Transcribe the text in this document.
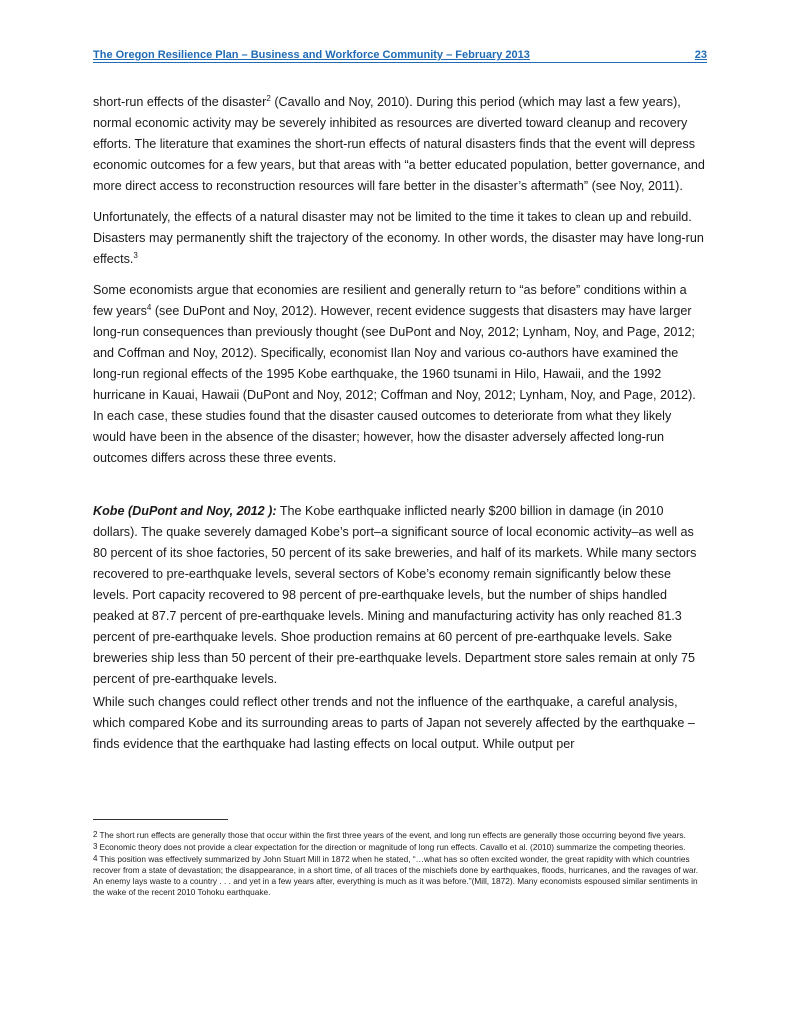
The Oregon Resilience Plan – Business and Workforce Community – February 2013	23

short-run effects of the disaster$^2$ (Cavallo and Noy, 2010). During this period (which may last a few years), normal economic activity may be severely inhibited as resources are diverted toward cleanup and recovery efforts. The literature that examines the short-run effects of natural disasters finds that the event will depress economic outcomes for a few years, but that areas with “a better educated population, better governance, and more direct access to reconstruction resources will fare better in the disaster’s aftermath” (see Noy, 2011).

Unfortunately, the effects of a natural disaster may not be limited to the time it takes to clean up and rebuild. Disasters may permanently shift the trajectory of the economy. In other words, the disaster may have long-run effects.$^3$

Some economists argue that economies are resilient and generally return to “as before” conditions within a few years$^4$ (see DuPont and Noy, 2012). However, recent evidence suggests that disasters may have larger long-run consequences than previously thought (see DuPont and Noy, 2012; Lynham, Noy, and Page, 2012; and Coffman and Noy, 2012). Specifically, economist Ilan Noy and various co-authors have examined the long-run regional effects of the 1995 Kobe earthquake, the 1960 tsunami in Hilo, Hawaii, and the 1992 hurricane in Kauai, Hawaii (DuPont and Noy, 2012; Coffman and Noy, 2012; Lynham, Noy, and Page, 2012). In each case, these studies found that the disaster caused outcomes to deteriorate from what they likely would have been in the absence of the disaster; however, how the disaster adversely affected long-run outcomes differs across these three events.

Kobe (DuPont and Noy, 2012 ): The Kobe earthquake inflicted nearly $200 billion in damage (in 2010 dollars). The quake severely damaged Kobe’s port–a significant source of local economic activity–as well as 80 percent of its shoe factories, 50 percent of its sake breweries, and half of its markets. While many sectors recovered to pre-earthquake levels, several sectors of Kobe’s economy remain significantly below these levels. Port capacity recovered to 98 percent of pre-earthquake levels, but the number of ships handled peaked at 87.7 percent of pre-earthquake levels. Mining and manufacturing activity has only reached 81.3 percent of pre-earthquake levels. Shoe production remains at 60 percent of pre-earthquake levels. Sake breweries ship less than 50 percent of their pre-earthquake levels. Department store sales remain at only 75 percent of pre-earthquake levels.

While such changes could reflect other trends and not the influence of the earthquake, a careful analysis, which compared Kobe and its surrounding areas to parts of Japan not severely affected by the earthquake – finds evidence that the earthquake had lasting effects on local output. While output per

$^2$ The short run effects are generally those that occur within the first three years of the event, and long run effects are generally those occurring beyond five years.

$^3$ Economic theory does not provide a clear expectation for the direction or magnitude of long run effects. Cavallo et al. (2010) summarize the competing theories.

$^4$ This position was effectively summarized by John Stuart Mill in 1872 when he stated, “…what has so often excited wonder, the great rapidity with which countries recover from a state of devastation; the disappearance, in a short time, of all traces of the mischiefs done by earthquakes, floods, hurricanes, and the ravages of war. An enemy lays waste to a country . . . and yet in a few years after, everything is much as it was before.”(Mill, 1872). Many economists espoused similar sentiments in the wake of the recent 2010 Tohoku earthquake.
